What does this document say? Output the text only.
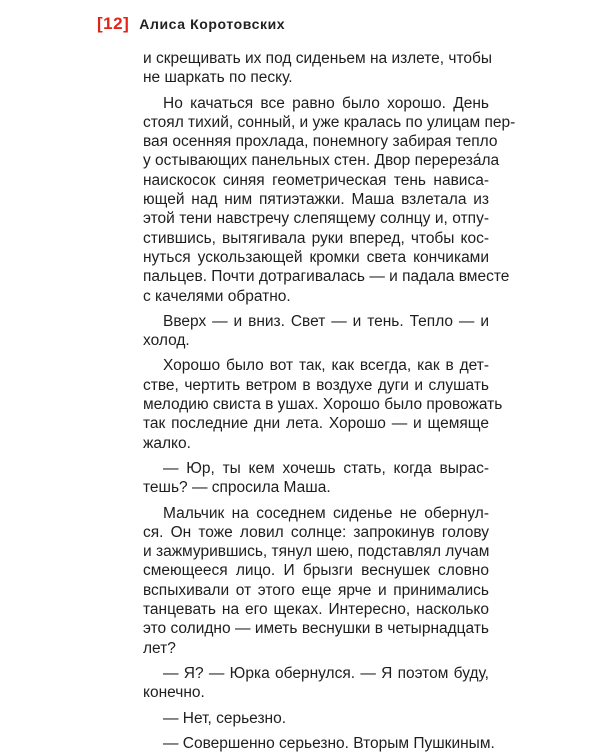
[12] Алиса Коротовских
и скрещивать их под сиденьем на излете, чтобы
не шаркать по песку.
Но качаться все равно было хорошо. День
стоял тихий, сонный, и уже кралась по улицам пер-
вая осенняя прохлада, понемногу забирая тепло
у остывающих панельных стен. Двор перереза́ла
наискосок синяя геометрическая тень нависа-
ющей над ним пятиэтажки. Маша взлетала из
этой тени навстречу слепящему солнцу и, отпу-
стившись, вытягивала руки вперед, чтобы кос-
нуться ускользающей кромки света кончиками
пальцев. Почти дотрагивалась — и падала вместе
с качелями обратно.
Вверх — и вниз. Свет — и тень. Тепло — и
холод.
Хорошо было вот так, как всегда, как в дет-
стве, чертить ветром в воздухе дуги и слушать
мелодию свиста в ушах. Хорошо было провожать
так последние дни лета. Хорошо — и щемяще
жалко.
— Юр, ты кем хочешь стать, когда вырас-
тешь? — спросила Маша.
Мальчик на соседнем сиденье не обернул-
ся. Он тоже ловил солнце: запрокинув голову
и зажмурившись, тянул шею, подставлял лучам
смеющееся лицо. И брызги веснушек словно
вспыхивали от этого еще ярче и принимались
танцевать на его щеках. Интересно, насколько
это солидно — иметь веснушки в четырнадцать
лет?
— Я? — Юрка обернулся. — Я поэтом буду,
конечно.
— Нет, серьезно.
— Совершенно серьезно. Вторым Пушкиным.
